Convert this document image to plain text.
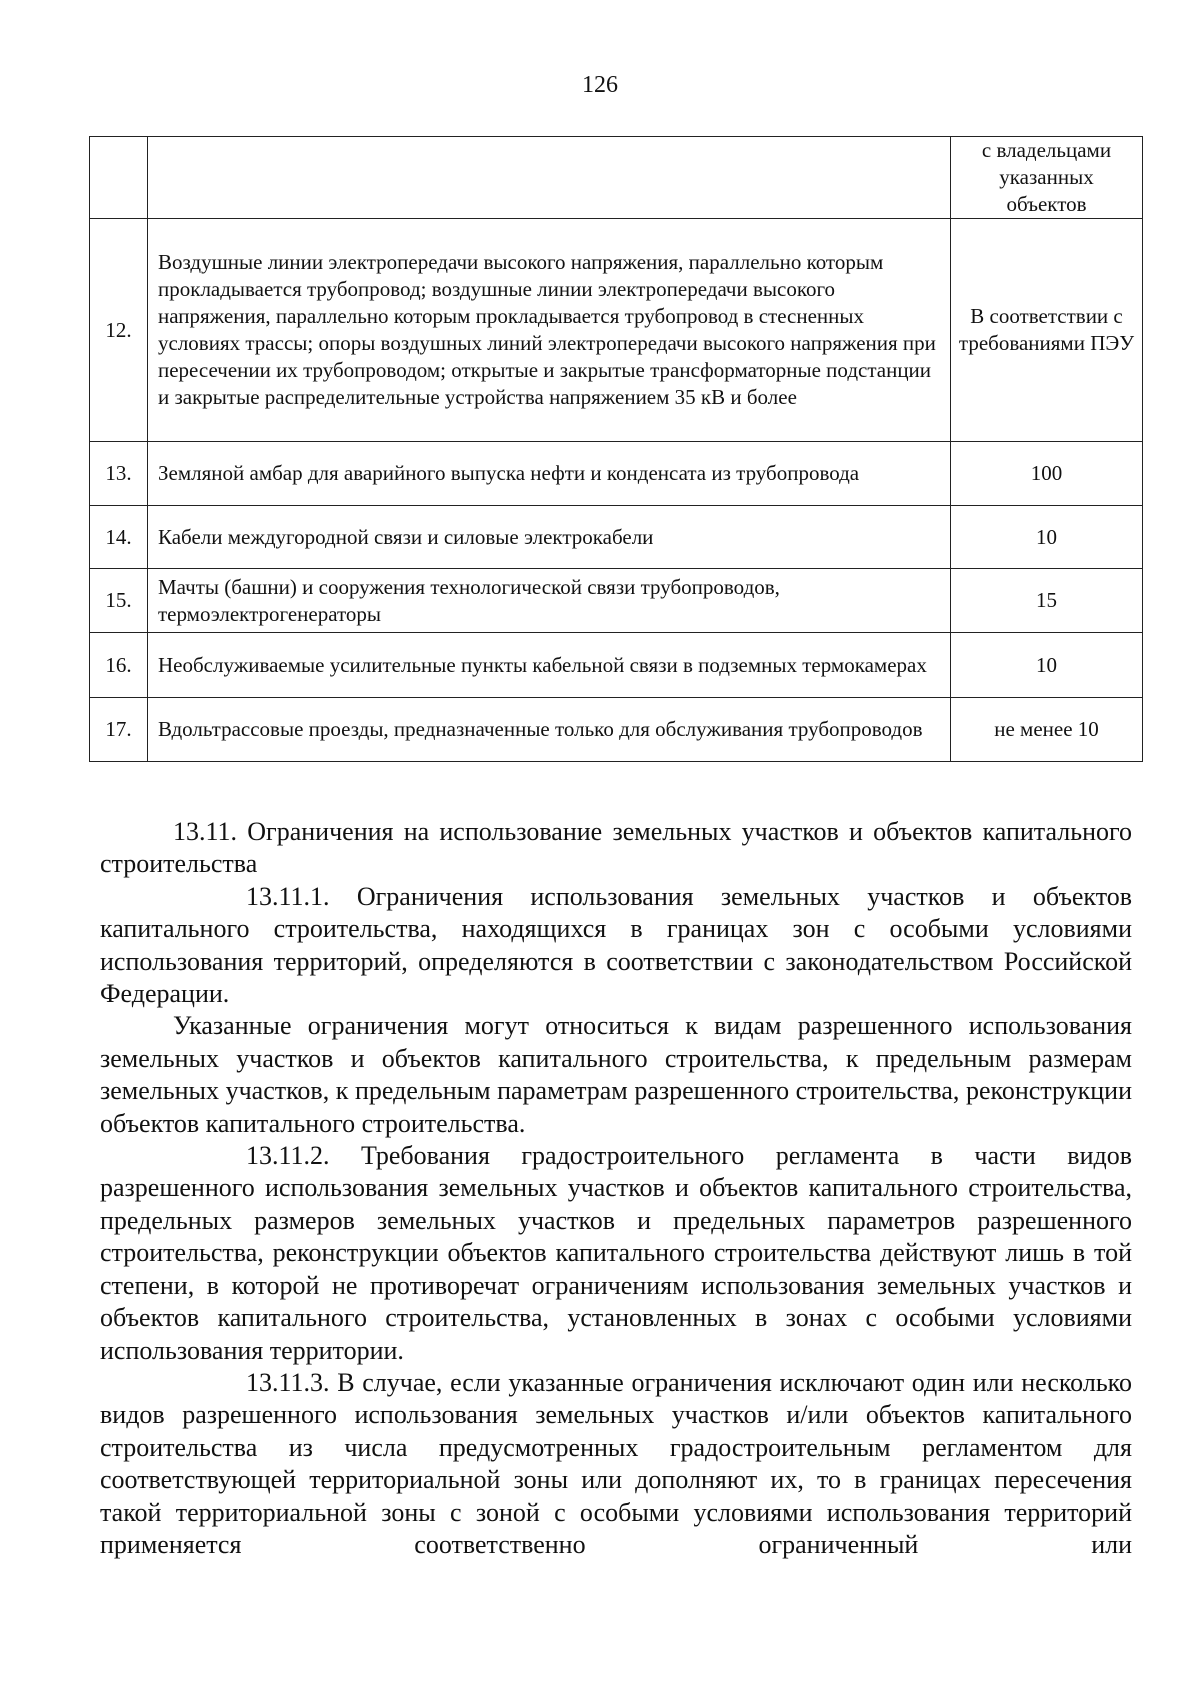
126
		с владельцами указанных объектов
12.	Воздушные линии электропередачи высокого напряжения, параллельно которым прокладывается трубопровод; воздушные линии электропередачи высокого напряжения, параллельно которым прокладывается трубопровод в стесненных условиях трассы; опоры воздушных линий электропередачи высокого напряжения при пересечении их трубопроводом; открытые и закрытые трансформаторные подстанции и закрытые распределительные устройства напряжением 35 кВ и более	В соответствии с требованиями ПЭУ
13.	Земляной амбар для аварийного выпуска нефти и конденсата из трубопровода	100
14.	Кабели междугородной связи и силовые электрокабели	10
15.	Мачты (башни) и сооружения технологической связи трубопроводов, термоэлектрогенераторы	15
16.	Необслуживаемые усилительные пункты кабельной связи в подземных термокамерах	10
17.	Вдольтрассовые проезды, предназначенные только для обслуживания трубопроводов	не менее 10

13.11. Ограничения на использование земельных участков и объектов капитального строительства

13.11.1. Ограничения использования земельных участков и объектов капитального строительства, находящихся в границах зон с особыми условиями использования территорий, определяются в соответствии с законодательством Российской Федерации.

Указанные ограничения могут относиться к видам разрешенного использования земельных участков и объектов капитального строительства, к предельным размерам земельных участков, к предельным параметрам разрешенного строительства, реконструкции объектов капитального строительства.

13.11.2. Требования градостроительного регламента в части видов разрешенного использования земельных участков и объектов капитального строительства, предельных размеров земельных участков и предельных параметров разрешенного строительства, реконструкции объектов капитального строительства действуют лишь в той степени, в которой не противоречат ограничениям использования земельных участков и объектов капитального строительства, установленных в зонах с особыми условиями использования территории.

13.11.3. В случае, если указанные ограничения исключают один или несколько видов разрешенного использования земельных участков и/или объектов капитального строительства из числа предусмотренных градостроительным регламентом для соответствующей территориальной зоны или дополняют их, то в границах пересечения такой территориальной зоны с зоной с особыми условиями использования территорий применяется соответственно ограниченный или
